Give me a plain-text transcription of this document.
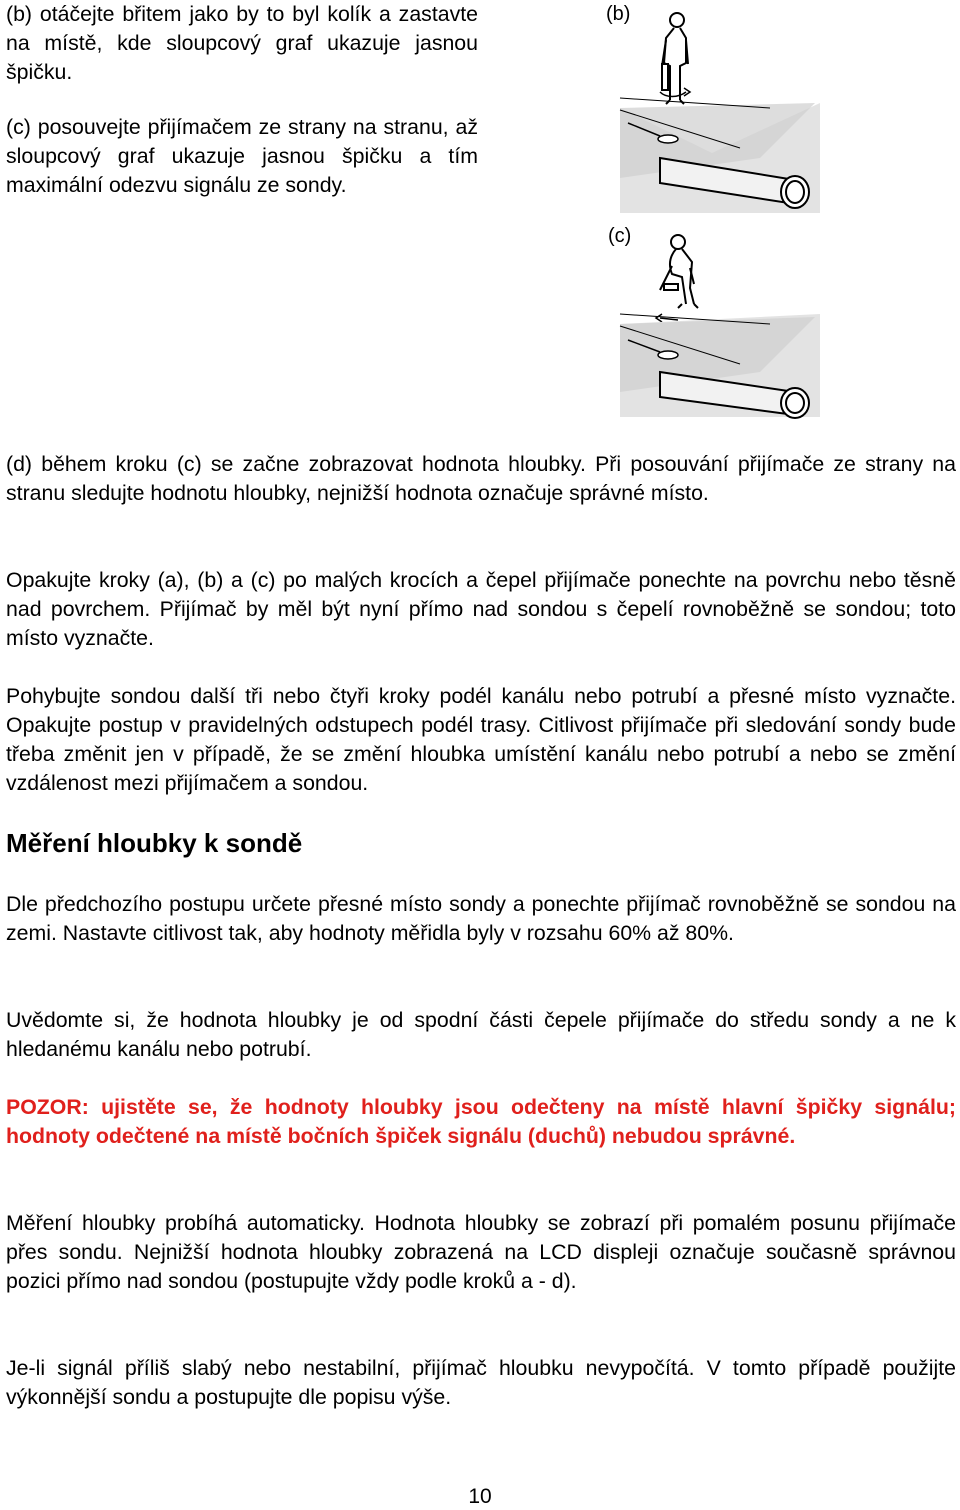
(b) otáčejte břitem jako by to byl kolík a zastavte na místě, kde sloupcový graf ukazuje jasnou špičku.

(c) posouvejte přijímačem ze strany na stranu, až sloupcový graf ukazuje jasnou špičku a tím maximální odezvu signálu ze sondy.

(b)
(c)

(d) během kroku (c) se začne zobrazovat hodnota hloubky. Při posouvání přijímače ze strany na stranu sledujte hodnotu hloubky, nejnižší hodnota označuje správné místo.

Opakujte kroky (a), (b) a (c) po malých krocích a čepel přijímače ponechte na povrchu nebo těsně nad povrchem. Přijímač by měl být nyní přímo nad sondou s čepelí rovnoběžně se sondou; toto místo vyznačte.

Pohybujte sondou další tři nebo čtyři kroky podél kanálu nebo potrubí a přesné místo vyznačte. Opakujte postup v pravidelných odstupech podél trasy. Citlivost přijímače při sledování sondy bude třeba změnit jen v případě, že se změní hloubka umístění kanálu nebo potrubí a nebo se změní vzdálenost mezi přijímačem a sondou.

Měření hloubky k sondě

Dle předchozího postupu určete přesné místo sondy a ponechte přijímač rovnoběžně se sondou na zemi. Nastavte citlivost tak, aby hodnoty měřidla byly v rozsahu 60% až 80%.

Uvědomte si, že hodnota hloubky je od spodní části čepele přijímače do středu sondy a ne k hledanému kanálu nebo potrubí.

POZOR: ujistěte se, že hodnoty hloubky jsou odečteny na místě hlavní špičky signálu; hodnoty odečtené na místě bočních špiček signálu (duchů) nebudou správné.

Měření hloubky probíhá automaticky. Hodnota hloubky se zobrazí při pomalém posunu přijímače přes sondu. Nejnižší hodnota hloubky zobrazená na LCD displeji označuje současně správnou pozici přímo nad sondou (postupujte vždy podle kroků a - d).

Je-li signál příliš slabý nebo nestabilní, přijímač hloubku nevypočítá. V tomto případě použijte výkonnější sondu a postupujte dle popisu výše.

10
